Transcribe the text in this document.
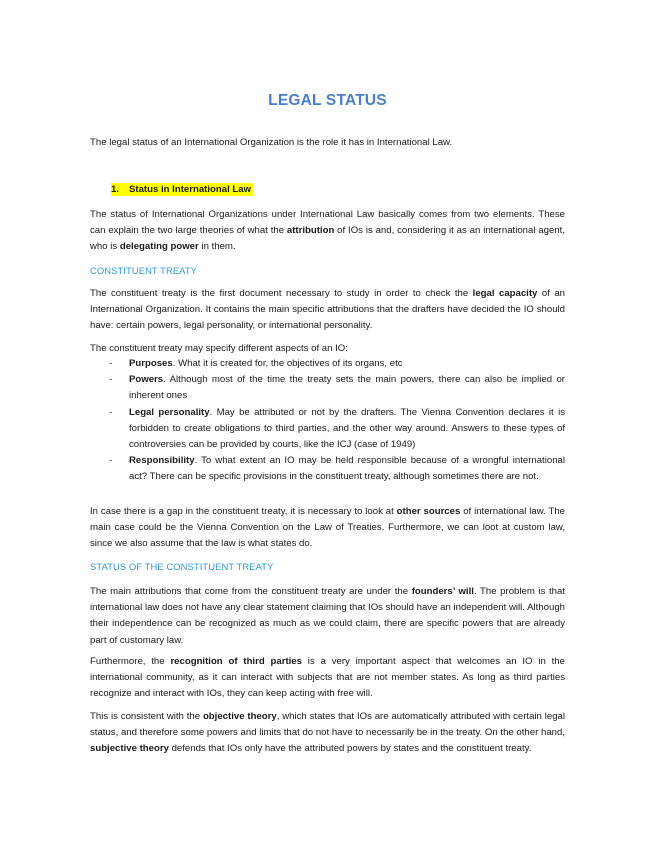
LEGAL STATUS

The legal status of an International Organization is the role it has in International Law.

1. Status in International Law

The status of International Organizations under International Law basically comes from two elements. These can explain the two large theories of what the attribution of IOs is and, considering it as an international agent, who is delegating power in them.

CONSTITUENT TREATY

The constituent treaty is the first document necessary to study in order to check the legal capacity of an International Organization. It contains the main specific attributions that the drafters have decided the IO should have: certain powers, legal personality, or international personality.

The constituent treaty may specify different aspects of an IO:

- Purposes. What it is created for, the objectives of its organs, etc
- Powers. Although most of the time the treaty sets the main powers, there can also be implied or inherent ones
- Legal personality. May be attributed or not by the drafters. The Vienna Convention declares it is forbidden to create obligations to third parties, and the other way around. Answers to these types of controversies can be provided by courts, like the ICJ (case of 1949)
- Responsibility. To what extent an IO may be held responsible because of a wrongful international act? There can be specific provisions in the constituent treaty, although sometimes there are not.

In case there is a gap in the constituent treaty, it is necessary to look at other sources of international law. The main case could be the Vienna Convention on the Law of Treaties. Furthermore, we can loot at custom law, since we also assume that the law is what states do.

STATUS OF THE CONSTITUENT TREATY

The main attributions that come from the constituent treaty are under the founders’ will. The problem is that international law does not have any clear statement claiming that IOs should have an independent will. Although their independence can be recognized as much as we could claim, there are specific powers that are already part of customary law.

Furthermore, the recognition of third parties is a very important aspect that welcomes an IO in the international community, as it can interact with subjects that are not member states. As long as third parties recognize and interact with IOs, they can keep acting with free will.

This is consistent with the objective theory, which states that IOs are automatically attributed with certain legal status, and therefore some powers and limits that do not have to necessarily be in the treaty. On the other hand, subjective theory defends that IOs only have the attributed powers by states and the constituent treaty.
